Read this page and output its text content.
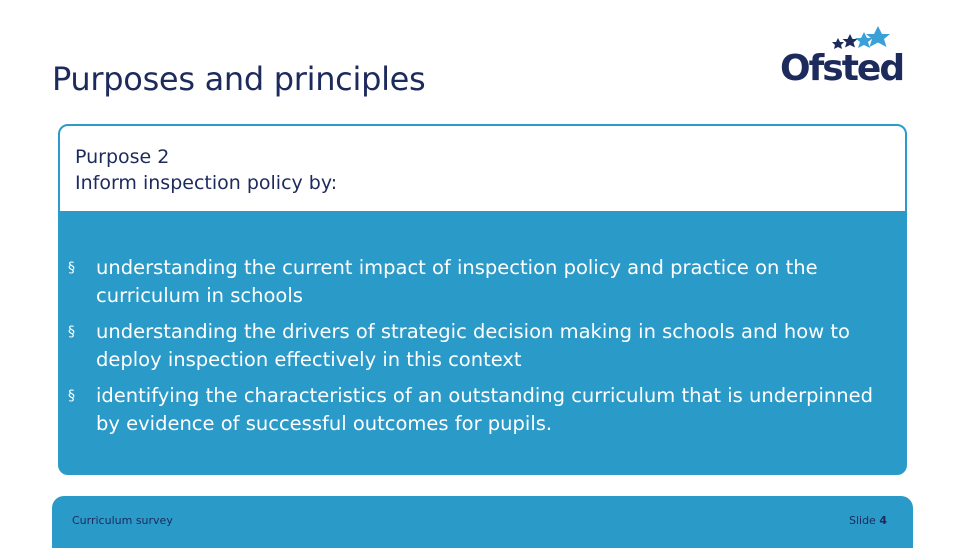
Purposes and principles	Ofsted
Purpose 2
Inform inspection policy by:
§ understanding the current impact of inspection policy and practice on the curriculum in schools
§ understanding the drivers of strategic decision making in schools and how to deploy inspection effectively in this context
§ identifying the characteristics of an outstanding curriculum that is underpinned by evidence of successful outcomes for pupils.
Curriculum survey	Slide 4
